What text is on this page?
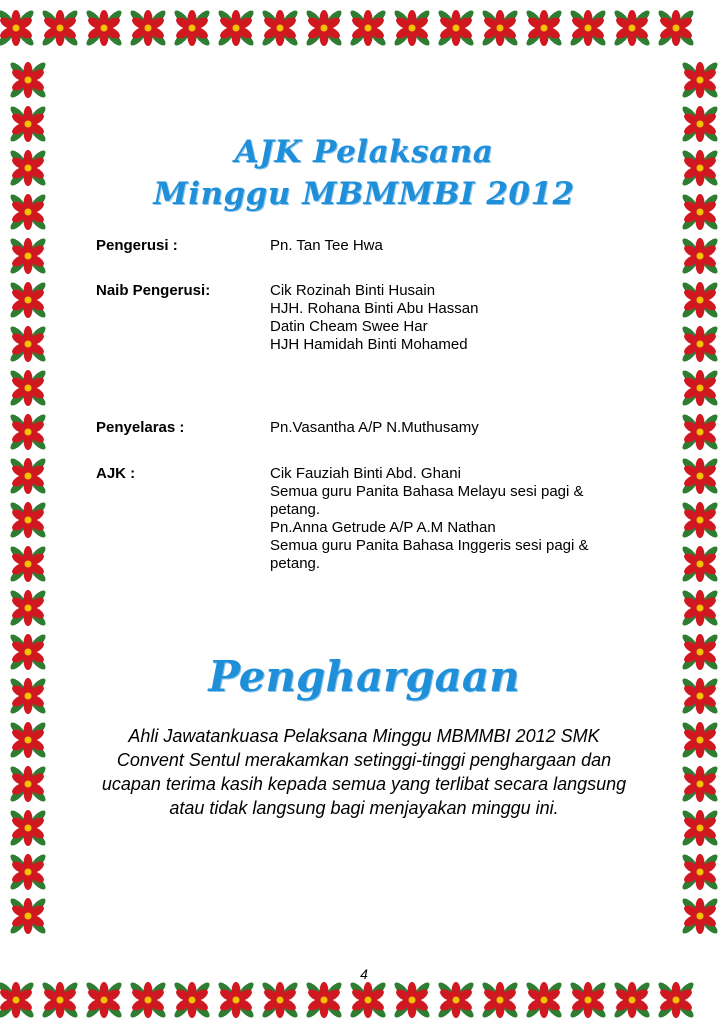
AJK Pelaksana
Minggu MBMMBI 2012
Pengerusi :	Pn. Tan Tee Hwa
Naib Pengerusi:	Cik Rozinah Binti Husain
HJH. Rohana Binti Abu Hassan
Datin Cheam Swee Har
HJH Hamidah Binti Mohamed
Penyelaras :	Pn.Vasantha A/P N.Muthusamy
AJK :	Cik Fauziah Binti Abd. Ghani
Semua guru Panita Bahasa Melayu sesi pagi & petang.
Pn.Anna Getrude A/P A.M Nathan
Semua guru Panita Bahasa Inggeris sesi pagi & petang.
Penghargaan

Ahli Jawatankuasa Pelaksana Minggu MBMMBI 2012 SMK Convent Sentul merakamkan setinggi-tinggi penghargaan dan ucapan terima kasih kepada semua yang terlibat secara langsung atau tidak langsung bagi menjayakan minggu ini.

4
